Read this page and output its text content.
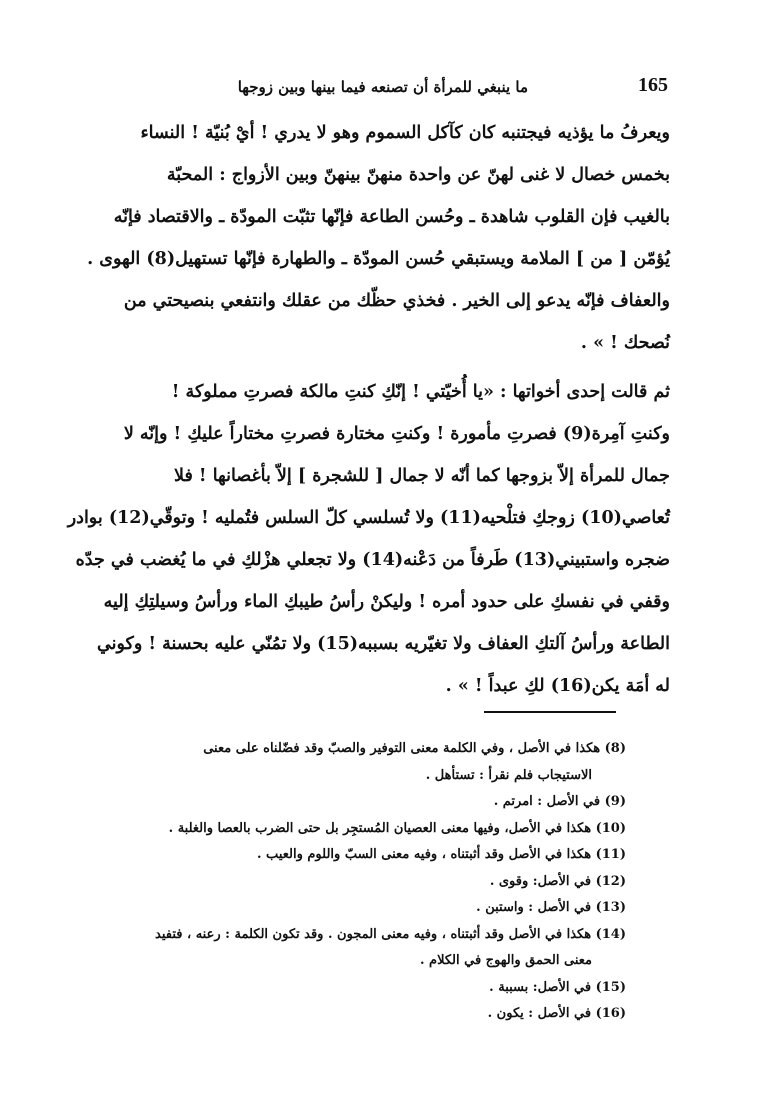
165
ما ينبغي للمرأة أن تصنعه فيما بينها وبين زوجها
ويعرفُ ما يؤذيه فيجتنبه كان كآكل السموم وهو لا يدري ! أيْ بُنيّة ! النساء
بخمس خصال لا غنى لهنّ عن واحدة منهنّ بينهنّ وبين الأزواج : المحبّة
بالغيب فإن القلوب شاهدة ـ وحُسن الطاعة فإنّها تثبّت المودّة ـ والاقتصاد فإنّه
يُؤمّن [ من ] الملامة ويستبقي حُسن المودّة ـ والطهارة فإنّها تستهيل(8) الهوى .
والعفاف فإنّه يدعو إلى الخير . فخذي حظّك من عقلك وانتفعي بنصيحتي من
نُصحك ! » .
ثم قالت إحدى أخواتها : «يا أُخيّتي ! إنّكِ كنتِ مالكة فصرتِ مملوكة !
وكنتِ آمِرة(9) فصرتِ مأمورة ! وكنتِ مختارة فصرتِ مختاراً عليكِ ! وإنّه لا
جمال للمرأة إلاّ بزوجها كما أنّه لا جمال [ للشجرة ] إلاّ بأغصانها ! فلا
تُعاصي(10) زوجكِ فتلْحيه(11) ولا تُسلسي كلّ السلس فتُمليه ! وتوقّي(12) بوادر
ضجره واستبيني(13) طَرفاً من دَعْنه(14) ولا تجعلي هزْلكِ في ما يُغضب في جدّه
وقفي في نفسكِ على حدود أمره ! وليكنْ رأسُ طيبكِ الماء ورأسُ وسيلتِكِ إليه
الطاعة ورأسُ آلتكِ العفاف ولا تغيّريه بسببه(15) ولا تمُنّي عليه بحسنة ! وكوني
له أمَة يكن(16) لكِ عبداً ! » .
(8) هكذا في الأصل ، وفي الكلمة معنى التوفير والصبّ وقد فضّلناه على معنى
الاستيجاب فلم نقرأ : تستأهل .
(9) في الأصل : امرتم .
(10) هكذا في الأصل، وفيها معنى العصيان المُستجِر بل حتى الضرب بالعصا والغلبة .
(11) هكذا في الأصل وقد أثبتناه ، وفيه معنى السبّ واللوم والعيب .
(12) في الأصل: وقوى .
(13) في الأصل : واستبن .
(14) هكذا في الأصل وقد أثبتناه ، وفيه معنى المجون . وقد تكون الكلمة : رعنه ، فتفيد
معنى الحمق والهوج في الكلام .
(15) في الأصل: بسببة .
(16) في الأصل : يكون .
